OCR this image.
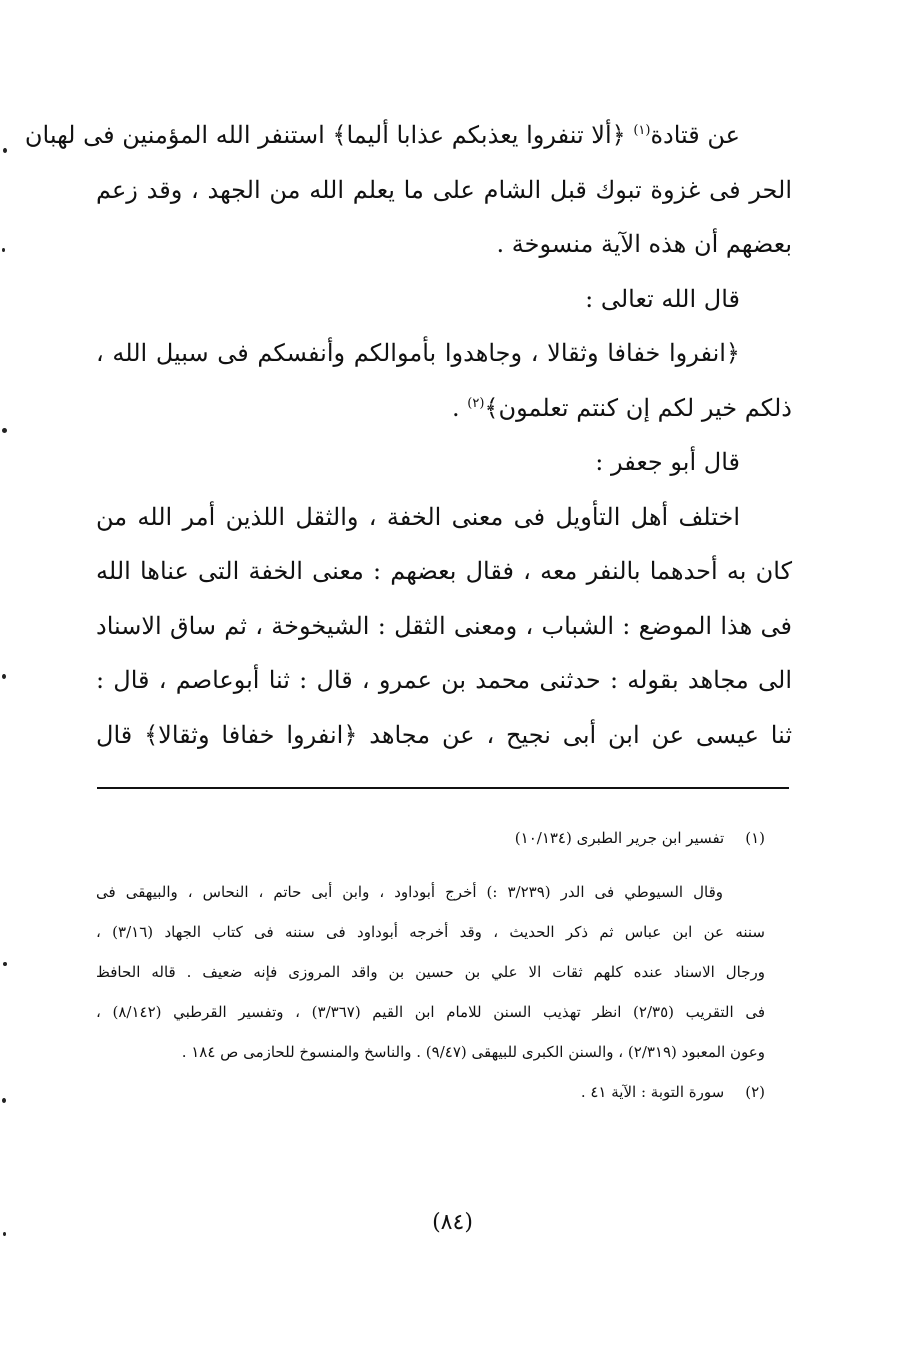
عن قتادة$^{(١)}$ ﴿ألا تنفروا يعذبكم عذابا أليما﴾ استنفر الله المؤمنين فى لهبان
الحر فى غزوة تبوك قبل الشام على ما يعلم الله من الجهد ، وقد زعم
بعضهم أن هذه الآية منسوخة .
قال الله تعالى :
﴿انفروا خفافا وثقالا ، وجاهدوا بأموالكم وأنفسكم فى سبيل الله ،
ذلكم خير لكم إن كنتم تعلمون﴾$^{(٢)}$ .
قال أبو جعفر :
اختلف أهل التأويل فى معنى الخفة ، والثقل اللذين أمر الله من
كان به أحدهما بالنفر معه ، فقال بعضهم : معنى الخفة التى عناها الله
فى هذا الموضع : الشباب ، ومعنى الثقل : الشيخوخة ، ثم ساق الاسناد
الى مجاهد بقوله : حدثنى محمد بن عمرو ، قال : ثنا أبوعاصم ، قال :
ثنا عيسى عن ابن أبى نجيح ، عن مجاهد ﴿انفروا خفافا وثقالا﴾ قال
(١) تفسير ابن جرير الطبرى (١٠/١٣٤)
وقال السيوطي فى الدر (٣/٢٣٩ :) أخرج أبوداود ، وابن أبى حاتم ، النحاس ، والبيهقى فى
سننه عن ابن عباس ثم ذكر الحديث ، وقد أخرجه أبوداود فى سننه فى كتاب الجهاد (٣/١٦) ،
ورجال الاسناد عنده كلهم ثقات الا علي بن حسين بن واقد المروزى فإنه ضعيف . قاله الحافظ
فى التقريب (٢/٣٥) انظر تهذيب السنن للامام ابن القيم (٣/٣٦٧) ، وتفسير القرطبي (٨/١٤٢) ،
وعون المعبود (٢/٣١٩) ، والسنن الكبرى للبيهقى (٩/٤٧) . والناسخ والمنسوخ للحازمى ص ١٨٤ .
(٢) سورة التوبة : الآية ٤١ .
(٨٤)
